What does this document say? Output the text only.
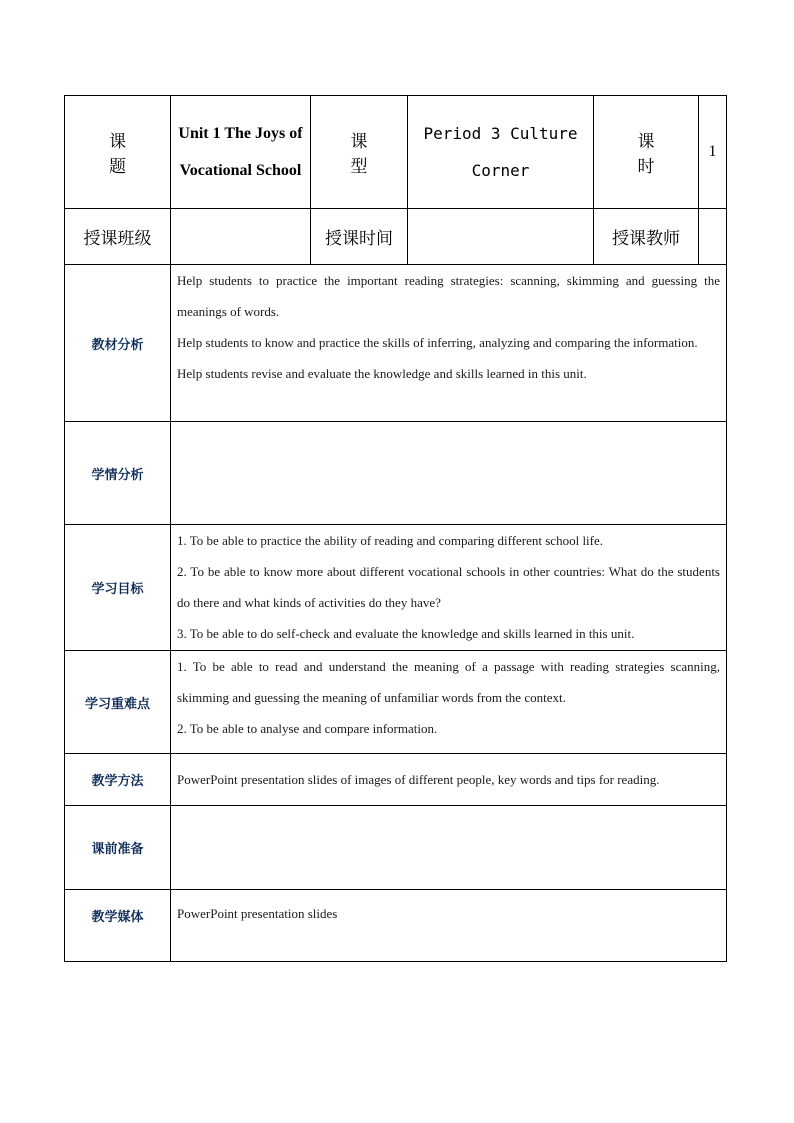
课 题	Unit 1 The Joys of Vocational School	课 型	Period 3 Culture Corner	课 时	1
授课班级		授课时间		授课教师	
教材分析	Help students to practice the important reading strategies: scanning, skimming and guessing the meanings of words.

Help students to know and practice the skills of inferring, analyzing and comparing the information.

Help students revise and evaluate the knowledge and skills learned in this unit.				

学情分析					
学习目标	1. To be able to practice the ability of reading and comparing different school life.

2. To be able to know more about different vocational schools in other countries: What do the students do there and what kinds of activities do they have?

3. To be able to do self-check and evaluate the knowledge and skills learned in this unit.				

学习重难点	1. To be able to read and understand the meaning of a passage with reading strategies scanning, skimming and guessing the meaning of unfamiliar words from the context.

2. To be able to analyse and compare information.				

教学方法	PowerPoint presentation slides of images of different people, key words and tips for reading.				
课前准备					
教学媒体	PowerPoint presentation slides				
